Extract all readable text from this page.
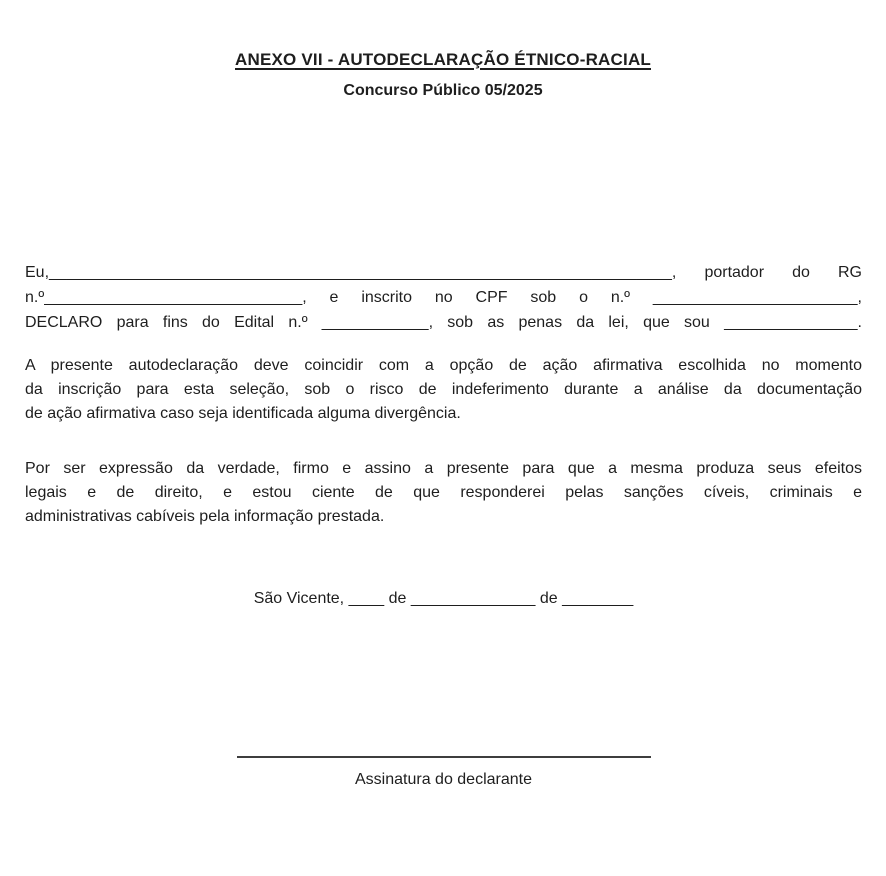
ANEXO VII - AUTODECLARAÇÃO ÉTNICO-RACIAL
Concurso Público 05/2025
Eu,______________________________________________________________________, portador do RG
n.º_____________________________, e inscrito no CPF sob o n.º _______________________,
DECLARO para fins do Edital n.º ____________, sob as penas da lei, que sou _______________.
A presente autodeclaração deve coincidir com a opção de ação afirmativa escolhida no momento
da inscrição para esta seleção, sob o risco de indeferimento durante a análise da documentação
de ação afirmativa caso seja identificada alguma divergência.
Por ser expressão da verdade, firmo e assino a presente para que a mesma produza seus efeitos
legais e de direito, e estou ciente de que responderei pelas sanções cíveis, criminais e
administrativas cabíveis pela informação prestada.
São Vicente, ____ de ______________ de ________
Assinatura do declarante
